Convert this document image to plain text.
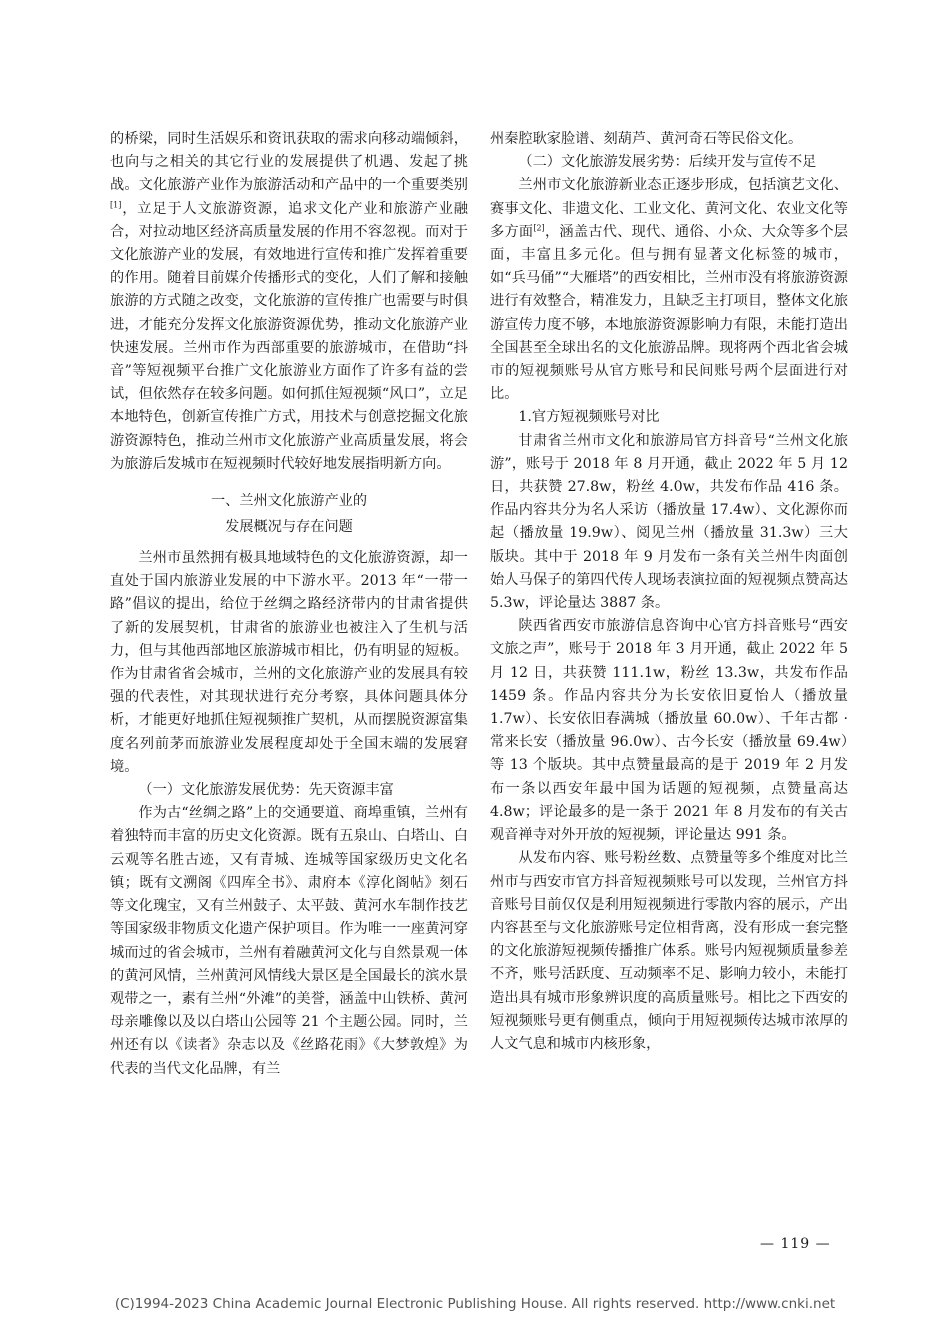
的桥梁，同时生活娱乐和资讯获取的需求向移动端倾斜，也向与之相关的其它行业的发展提供了机遇、发起了挑战。文化旅游产业作为旅游活动和产品中的一个重要类别[1]，立足于人文旅游资源，追求文化产业和旅游产业融合，对拉动地区经济高质量发展的作用不容忽视。而对于文化旅游产业的发展，有效地进行宣传和推广发挥着重要的作用。随着目前媒介传播形式的变化，人们了解和接触旅游的方式随之改变，文化旅游的宣传推广也需要与时俱进，才能充分发挥文化旅游资源优势，推动文化旅游产业快速发展。兰州市作为西部重要的旅游城市，在借助“抖音”等短视频平台推广文化旅游业方面作了许多有益的尝试，但依然存在较多问题。如何抓住短视频“风口”，立足本地特色，创新宣传推广方式，用技术与创意挖掘文化旅游资源特色，推动兰州市文化旅游产业高质量发展，将会为旅游后发城市在短视频时代较好地发展指明新方向。

一、兰州文化旅游产业的
发展概况与存在问题

兰州市虽然拥有极具地域特色的文化旅游资源，却一直处于国内旅游业发展的中下游水平。2013 年“一带一路”倡议的提出，给位于丝绸之路经济带内的甘肃省提供了新的发展契机，甘肃省的旅游业也被注入了生机与活力，但与其他西部地区旅游城市相比，仍有明显的短板。作为甘肃省省会城市，兰州的文化旅游产业的发展具有较强的代表性，对其现状进行充分考察，具体问题具体分析，才能更好地抓住短视频推广契机，从而摆脱资源富集度名列前茅而旅游业发展程度却处于全国末端的发展窘境。

（一）文化旅游发展优势：先天资源丰富

作为古“丝绸之路”上的交通要道、商埠重镇，兰州有着独特而丰富的历史文化资源。既有五泉山、白塔山、白云观等名胜古迹，又有青城、连城等国家级历史文化名镇；既有文溯阁《四库全书》、肃府本《淳化阁帖》刻石等文化瑰宝，又有兰州鼓子、太平鼓、黄河水车制作技艺等国家级非物质文化遗产保护项目。作为唯一一座黄河穿城而过的省会城市，兰州有着融黄河文化与自然景观一体的黄河风情，兰州黄河风情线大景区是全国最长的滨水景观带之一，素有兰州“外滩”的美誉，涵盖中山铁桥、黄河母亲雕像以及以白塔山公园等 21 个主题公园。同时，兰州还有以《读者》杂志以及《丝路花雨》《大梦敦煌》为代表的当代文化品牌，有兰

州秦腔耿家脸谱、刻葫芦、黄河奇石等民俗文化。

（二）文化旅游发展劣势：后续开发与宣传不足

兰州市文化旅游新业态正逐步形成，包括演艺文化、赛事文化、非遗文化、工业文化、黄河文化、农业文化等多方面[2]，涵盖古代、现代、通俗、小众、大众等多个层面，丰富且多元化。但与拥有显著文化标签的城市，如“兵马俑”“大雁塔”的西安相比，兰州市没有将旅游资源进行有效整合，精准发力，且缺乏主打项目，整体文化旅游宣传力度不够，本地旅游资源影响力有限，未能打造出全国甚至全球出名的文化旅游品牌。现将两个西北省会城市的短视频账号从官方账号和民间账号两个层面进行对比。

1.官方短视频账号对比

甘肃省兰州市文化和旅游局官方抖音号“兰州文化旅游”，账号于 2018 年 8 月开通，截止 2022 年 5 月 12 日，共获赞 27.8w，粉丝 4.0w，共发布作品 416 条。作品内容共分为名人采访（播放量 17.4w）、文化源你而起（播放量 19.9w）、阅见兰州（播放量 31.3w）三大版块。其中于 2018 年 9 月发布一条有关兰州牛肉面创始人马保子的第四代传人现场表演拉面的短视频点赞高达 5.3w，评论量达 3887 条。

陕西省西安市旅游信息咨询中心官方抖音账号“西安文旅之声”，账号于 2018 年 3 月开通，截止 2022 年 5 月 12 日，共获赞 111.1w，粉丝 13.3w，共发布作品 1459 条。作品内容共分为长安依旧夏怡人（播放量 1.7w）、长安依旧春满城（播放量 60.0w）、千年古都 · 常来长安（播放量 96.0w）、古今长安（播放量 69.4w）等 13 个版块。其中点赞量最高的是于 2019 年 2 月发布一条以西安年最中国为话题的短视频，点赞量高达 4.8w；评论最多的是一条于 2021 年 8 月发布的有关古观音禅寺对外开放的短视频，评论量达 991 条。

从发布内容、账号粉丝数、点赞量等多个维度对比兰州市与西安市官方抖音短视频账号可以发现，兰州官方抖音账号目前仅仅是利用短视频进行零散内容的展示，产出内容甚至与文化旅游账号定位相背离，没有形成一套完整的文化旅游短视频传播推广体系。账号内短视频质量参差不齐，账号活跃度、互动频率不足、影响力较小，未能打造出具有城市形象辨识度的高质量账号。相比之下西安的短视频账号更有侧重点，倾向于用短视频传达城市浓厚的人文气息和城市内核形象，

— 119 —
(C)1994-2023 China Academic Journal Electronic Publishing House. All rights reserved. http://www.cnki.net
